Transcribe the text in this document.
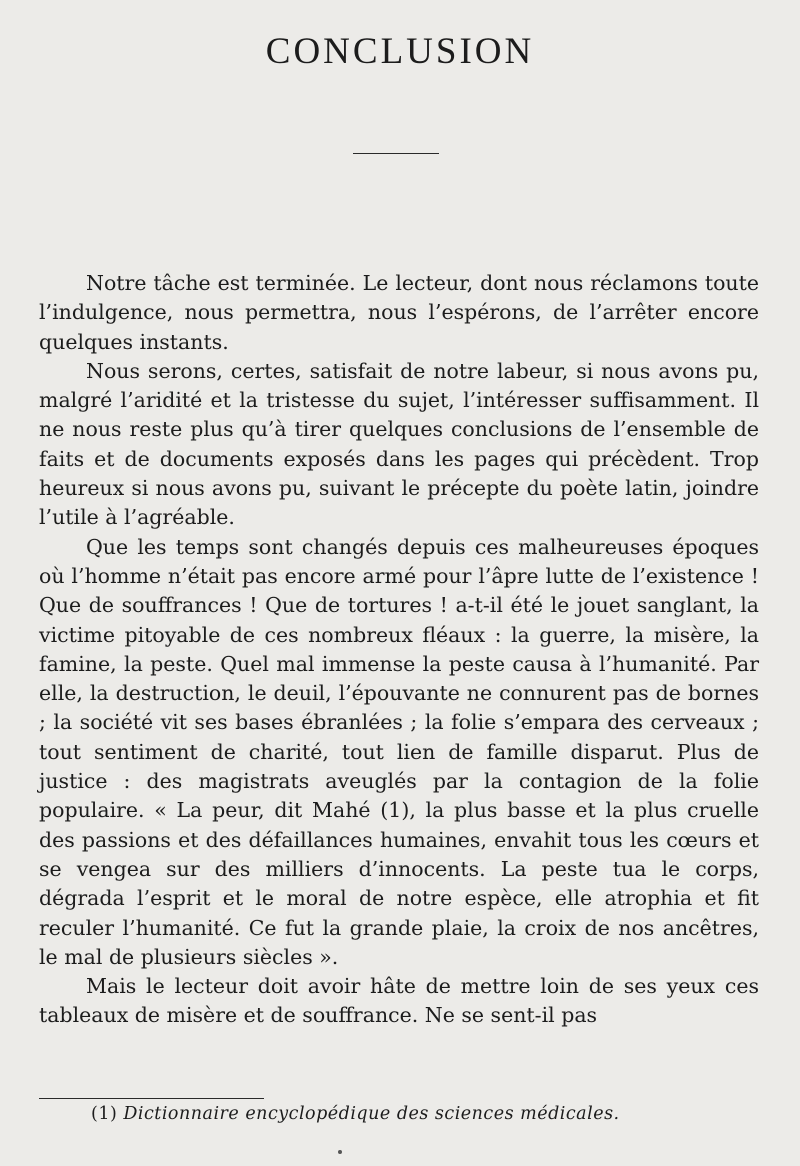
CONCLUSION

Notre tâche est terminée. Le lecteur, dont nous réclamons toute l’indulgence, nous permettra, nous l’espérons, de l’arrêter encore quelques instants.

Nous serons, certes, satisfait de notre labeur, si nous avons pu, malgré l’aridité et la tristesse du sujet, l’intéresser suffisamment. Il ne nous reste plus qu’à tirer quelques conclusions de l’ensemble de faits et de documents exposés dans les pages qui précèdent. Trop heureux si nous avons pu, suivant le précepte du poète latin, joindre l’utile à l’agréable.

Que les temps sont changés depuis ces malheureuses époques où l’homme n’était pas encore armé pour l’âpre lutte de l’existence ! Que de souffrances ! Que de tortures ! a-t-il été le jouet sanglant, la victime pitoyable de ces nombreux fléaux : la guerre, la misère, la famine, la peste. Quel mal immense la peste causa à l’humanité. Par elle, la destruction, le deuil, l’épouvante ne connurent pas de bornes ; la société vit ses bases ébranlées ; la folie s’empara des cerveaux ; tout sentiment de charité, tout lien de famille disparut. Plus de justice : des magistrats aveuglés par la contagion de la folie populaire. « La peur, dit Mahé (1), la plus basse et la plus cruelle des passions et des défaillances humaines, envahit tous les cœurs et se vengea sur des milliers d’innocents. La peste tua le corps, dégrada l’esprit et le moral de notre espèce, elle atrophia et fit reculer l’humanité. Ce fut la grande plaie, la croix de nos ancêtres, le mal de plusieurs siècles ».

Mais le lecteur doit avoir hâte de mettre loin de ses yeux ces tableaux de misère et de souffrance. Ne se sent-il pas

(1) Dictionnaire encyclopédique des sciences médicales.
